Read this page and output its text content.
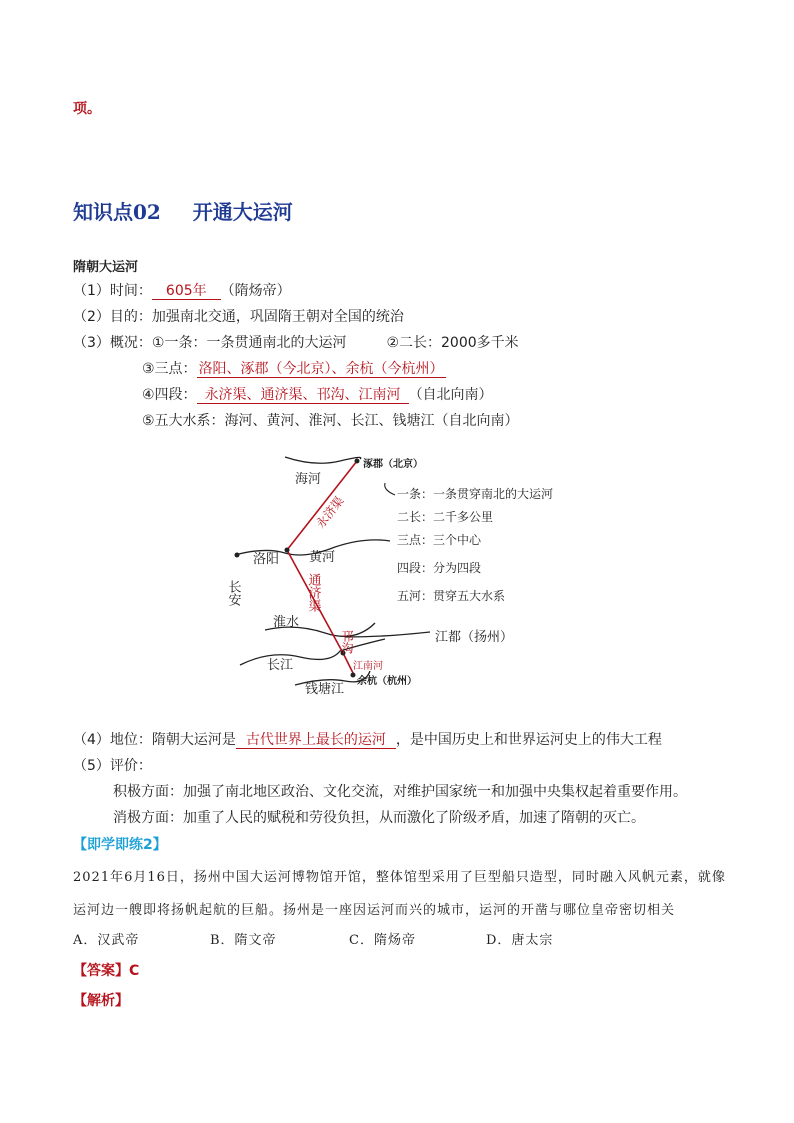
项。
知识点02 开通大运河
隋朝大运河
（1）时间： 605年 （隋炀帝）
（2）目的：加强南北交通，巩固隋王朝对全国的统治
（3）概况：①一条：一条贯通南北的大运河	②二长：2000多千米
③三点： 洛阳、涿郡（今北京）、余杭（今杭州）
④四段： 永济渠、通济渠、邗沟、江南河 （自北向南）
⑤五大水系：海河、黄河、淮河、长江、钱塘江（自北向南）
海河
涿郡（北京）
洛阳 黄河
长安
淮水
长江
钱塘江
余杭（杭州）
江都（扬州）
永济渠
通济渠
邗沟
江南河
一条：一条贯穿南北的大运河
二长：二千多公里
三点：三个中心
四段：分为四段
五河：贯穿五大水系
（4）地位：隋朝大运河是 古代世界上最长的运河 ，是中国历史上和世界运河史上的伟大工程
（5）评价：
积极方面：加强了南北地区政治、文化交流，对维护国家统一和加强中央集权起着重要作用。
消极方面：加重了人民的赋税和劳役负担，从而激化了阶级矛盾，加速了隋朝的灭亡。
【即学即练2】
2021年6月16日，扬州中国大运河博物馆开馆，整体馆型采用了巨型船只造型，同时融入风帆元素，就像
运河边一艘即将扬帆起航的巨船。扬州是一座因运河而兴的城市，运河的开凿与哪位皇帝密切相关
A．汉武帝	B．隋文帝	C．隋炀帝	D．唐太宗
【答案】C
【解析】
